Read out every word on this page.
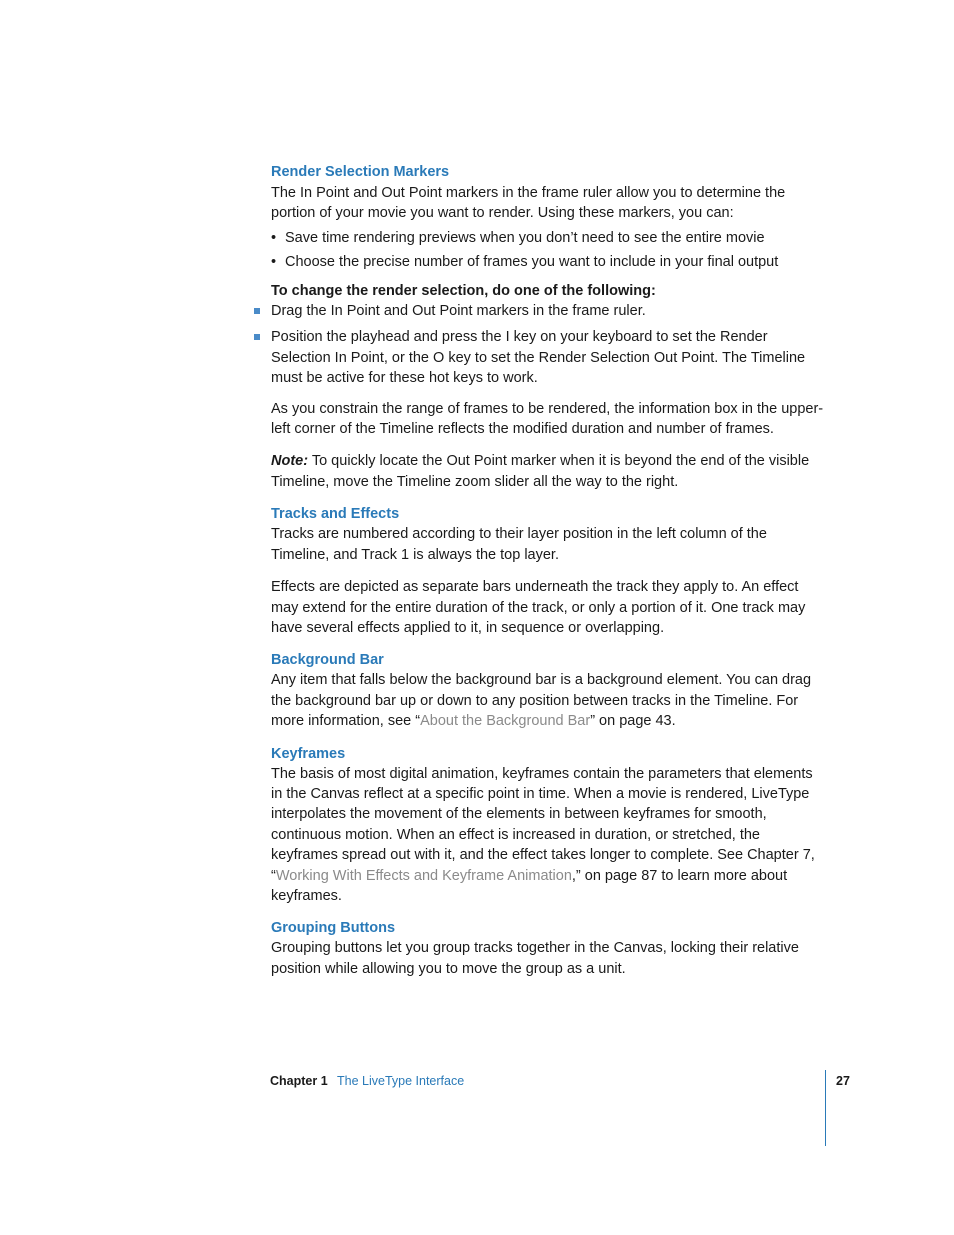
Render Selection Markers

The In Point and Out Point markers in the frame ruler allow you to determine the portion of your movie you want to render. Using these markers, you can:

• Save time rendering previews when you don’t need to see the entire movie
• Choose the precise number of frames you want to include in your final output

To change the render selection, do one of the following:

Drag the In Point and Out Point markers in the frame ruler.
Position the playhead and press the I key on your keyboard to set the Render Selection In Point, or the O key to set the Render Selection Out Point. The Timeline must be active for these hot keys to work.

As you constrain the range of frames to be rendered, the information box in the upper-left corner of the Timeline reflects the modified duration and number of frames.

Note: To quickly locate the Out Point marker when it is beyond the end of the visible Timeline, move the Timeline zoom slider all the way to the right.

Tracks and Effects

Tracks are numbered according to their layer position in the left column of the Timeline, and Track 1 is always the top layer.

Effects are depicted as separate bars underneath the track they apply to. An effect may extend for the entire duration of the track, or only a portion of it. One track may have several effects applied to it, in sequence or overlapping.

Background Bar

Any item that falls below the background bar is a background element. You can drag the background bar up or down to any position between tracks in the Timeline. For more information, see “About the Background Bar” on page 43.

Keyframes

The basis of most digital animation, keyframes contain the parameters that elements in the Canvas reflect at a specific point in time. When a movie is rendered, LiveType interpolates the movement of the elements in between keyframes for smooth, continuous motion. When an effect is increased in duration, or stretched, the keyframes spread out with it, and the effect takes longer to complete. See Chapter 7, “Working With Effects and Keyframe Animation,” on page 87 to learn more about keyframes.

Grouping Buttons

Grouping buttons let you group tracks together in the Canvas, locking their relative position while allowing you to move the group as a unit.

Chapter 1 The LiveType Interface	27
